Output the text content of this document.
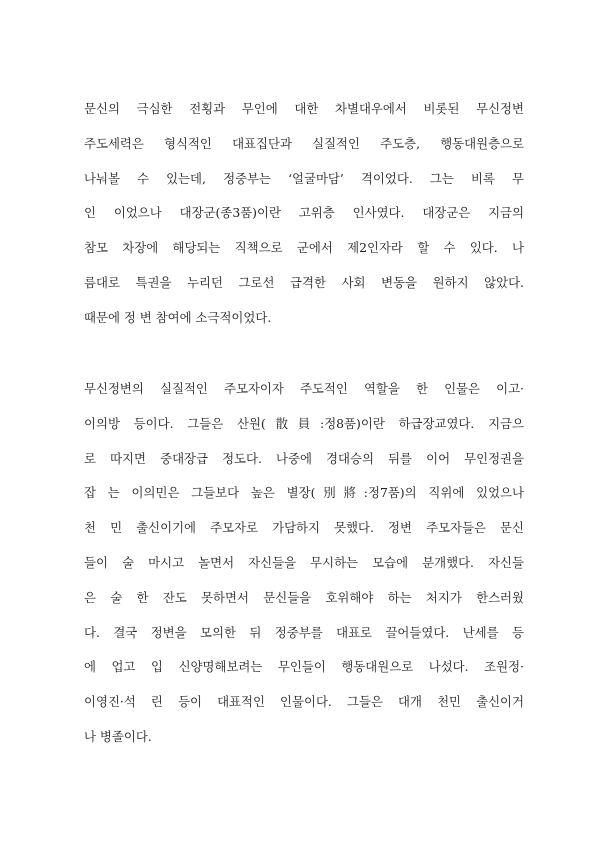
문신의 극심한 전횡과 무인에 대한 차별대우에서 비롯된 무신정변
주도세력은 형식적인 대표집단과 실질적인 주도층, 행동대원층으로
나눠볼 수 있는데, 정중부는 ‘얼굴마담’ 격이었다. 그는 비록 무
인 이었으나 대장군(종3품)이란 고위층 인사였다. 대장군은 지금의
참모 차장에 해당되는 직책으로 군에서 제2인자라 할 수 있다. 나
름대로 특권을 누리던 그로선 급격한 사회 변동을 원하지 않았다.
때문에 정 변 참여에 소극적이었다.
무신정변의 실질적인 주모자이자 주도적인 역할을 한 인물은 이고·
이의방 등이다. 그들은 산원(散員:정8품)이란 하급장교였다. 지금으
로 따지면 중대장급 정도다. 나중에 경대승의 뒤를 이어 무인정권을
잡 는 이의민은 그들보다 높은 별장(別將:정7품)의 직위에 있었으나
천 민 출신이기에 주모자로 가담하지 못했다. 정변 주모자들은 문신
들이 술 마시고 놀면서 자신들을 무시하는 모습에 분개했다. 자신들
은 술 한 잔도 못하면서 문신들을 호위해야 하는 처지가 한스러웠
다. 결국 정변을 모의한 뒤 정중부를 대표로 끌어들였다. 난세를 등
에 업고 입 신양명해보려는 무인들이 행동대원으로 나섰다. 조원정·
이영진·석 린 등이 대표적인 인물이다. 그들은 대개 천민 출신이거
나 병졸이다.
